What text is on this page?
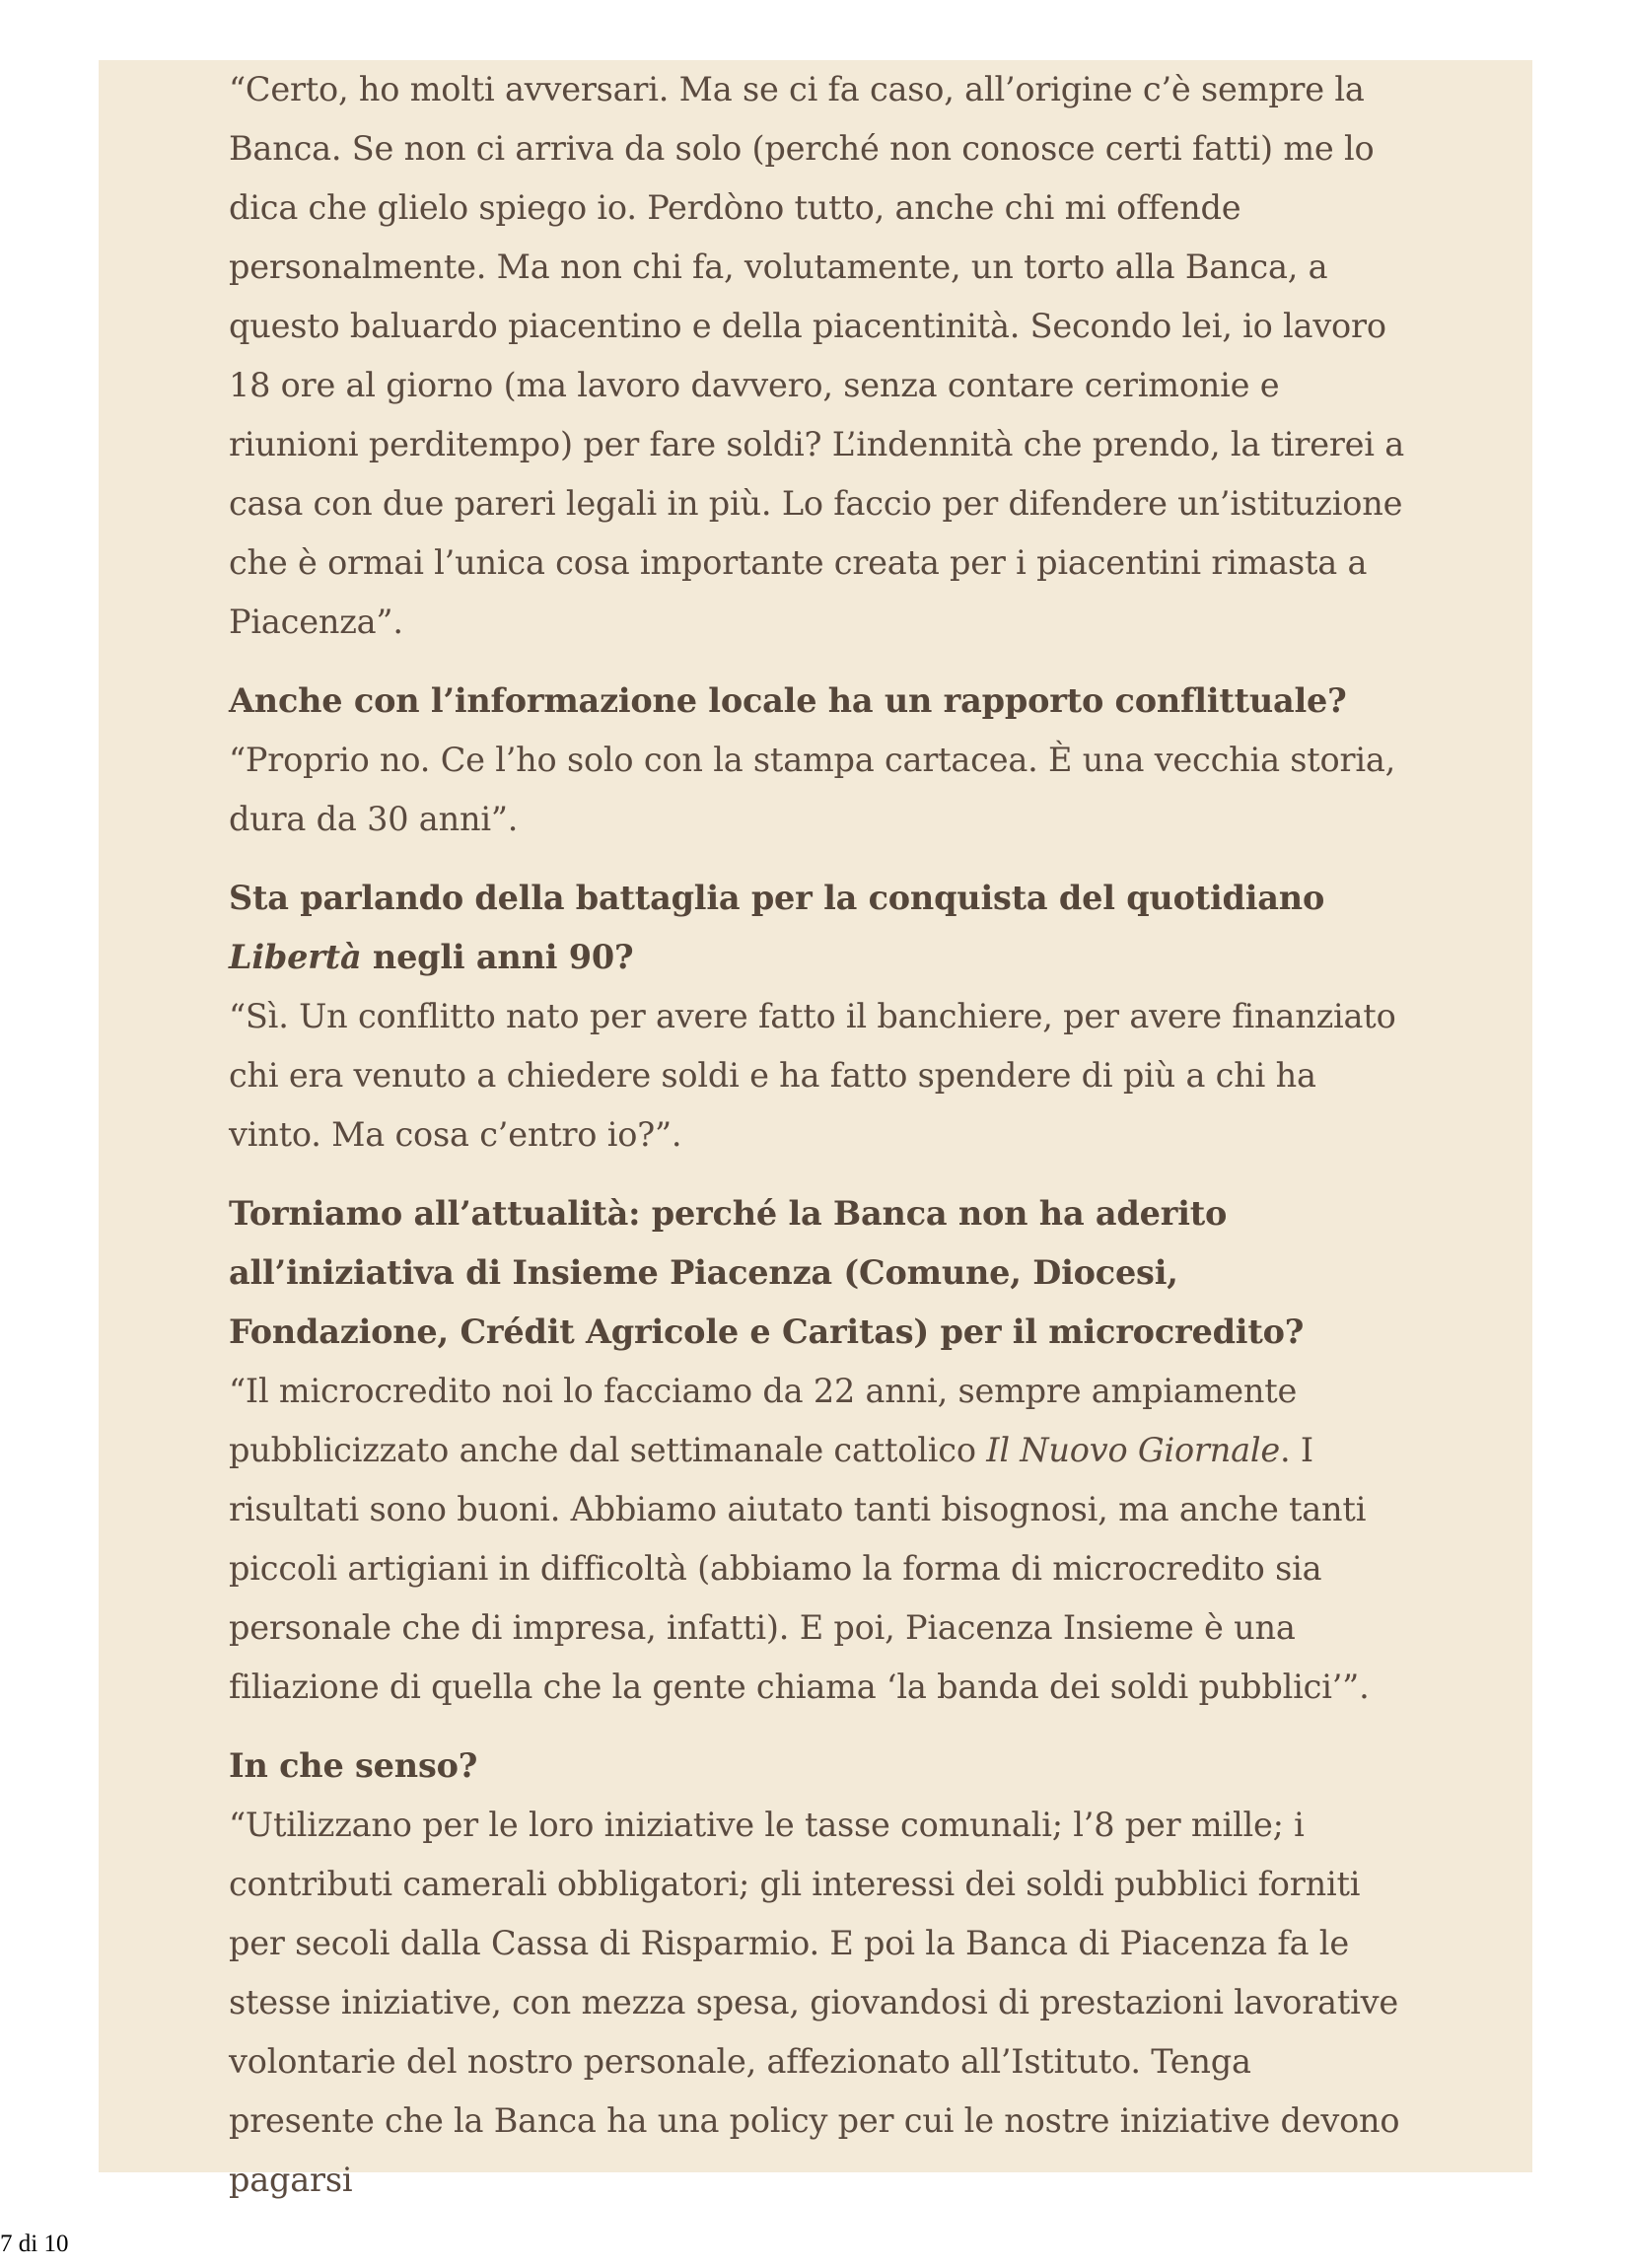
“Certo, ho molti avversari. Ma se ci fa caso, all’origine c’è sempre la Banca. Se non ci arriva da solo (perché non conosce certi fatti) me lo dica che glielo spiego io. Perdòno tutto, anche chi mi offende personalmente. Ma non chi fa, volutamente, un torto alla Banca, a questo baluardo piacentino e della piacentinità. Secondo lei, io lavoro 18 ore al giorno (ma lavoro davvero, senza contare cerimonie e riunioni perditempo) per fare soldi? L’indennità che prendo, la tirerei a casa con due pareri legali in più. Lo faccio per difendere un’istituzione che è ormai l’unica cosa importante creata per i piacentini rimasta a Piacenza”.

Anche con l’informazione locale ha un rapporto conflittuale?
“Proprio no. Ce l’ho solo con la stampa cartacea. È una vecchia storia, dura da 30 anni”.

Sta parlando della battaglia per la conquista del quotidiano Libertà negli anni 90?
“Sì. Un conflitto nato per avere fatto il banchiere, per avere finanziato chi era venuto a chiedere soldi e ha fatto spendere di più a chi ha vinto. Ma cosa c’entro io?”.

Torniamo all’attualità: perché la Banca non ha aderito all’iniziativa di Insieme Piacenza (Comune, Diocesi, Fondazione, Crédit Agricole e Caritas) per il microcredito?
“Il microcredito noi lo facciamo da 22 anni, sempre ampiamente pubblicizzato anche dal settimanale cattolico Il Nuovo Giornale. I risultati sono buoni. Abbiamo aiutato tanti bisognosi, ma anche tanti piccoli artigiani in difficoltà (abbiamo la forma di microcredito sia personale che di impresa, infatti). E poi, Piacenza Insieme è una filiazione di quella che la gente chiama ‘la banda dei soldi pubblici’”.

In che senso?
“Utilizzano per le loro iniziative le tasse comunali; l’8 per mille; i contributi camerali obbligatori; gli interessi dei soldi pubblici forniti per secoli dalla Cassa di Risparmio. E poi la Banca di Piacenza fa le stesse iniziative, con mezza spesa, giovandosi di prestazioni lavorative volontarie del nostro personale, affezionato all’Istituto. Tenga presente che la Banca ha una policy per cui le nostre iniziative devono pagarsi

7 di 10
